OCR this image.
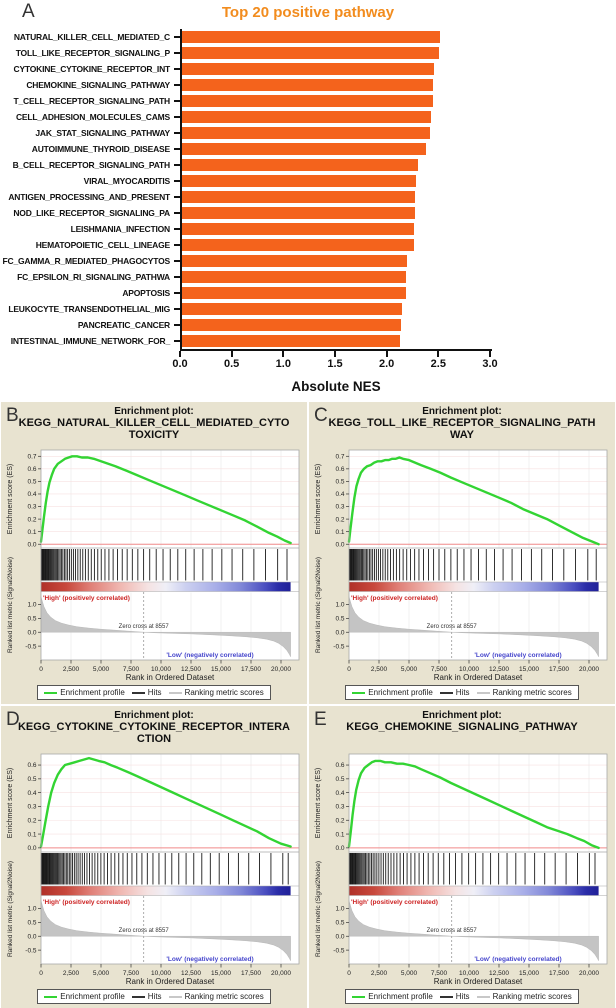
A	Top 20 positive pathway
NATURAL_KILLER_CELL_MEDIATED_C
TOLL_LIKE_RECEPTOR_SIGNALING_P
CYTOKINE_CYTOKINE_RECEPTOR_INT
CHEMOKINE_SIGNALING_PATHWAY
T_CELL_RECEPTOR_SIGNALING_PATH
CELL_ADHESION_MOLECULES_CAMS
JAK_STAT_SIGNALING_PATHWAY
AUTOIMMUNE_THYROID_DISEASE
B_CELL_RECEPTOR_SIGNALING_PATH
VIRAL_MYOCARDITIS
ANTIGEN_PROCESSING_AND_PRESENT
NOD_LIKE_RECEPTOR_SIGNALING_PA
LEISHMANIA_INFECTION
HEMATOPOIETIC_CELL_LINEAGE
FC_GAMMA_R_MEDIATED_PHAGOCYTOS
FC_EPSILON_RI_SIGNALING_PATHWA
APOPTOSIS
LEUKOCYTE_TRANSENDOTHELIAL_MIG
PANCREATIC_CANCER
INTESTINAL_IMMUNE_NETWORK_FOR_
0.0	0.5	1.0	1.5	2.0	2.5	3.0
Absolute NES
B	Enrichment plot:
KEGG_NATURAL_KILLER_CELL_MEDIATED_CYTOTOXICITY
Zero cross at 8557
'High' (positively correlated)
'Low' (negatively correlated)
0.7
0.6
0.5
0.4
0.3
0.2
0.1
0.0
1.0
0.5
0.0
-0.5
0	2,500 5,000 7,500 10,000 12,500 15,000 17,500 20,000
Rank in Ordered Dataset
Enrichment score (ES)
Ranked list metric (Signal2Noise)
Enrichment profile	Hits	Ranking metric scores
C	Enrichment plot:
KEGG_TOLL_LIKE_RECEPTOR_SIGNALING_PATHWAY
Zero cross at 8557
'High' (positively correlated)
'Low' (negatively correlated)
0.7
0.6
0.5
0.4
0.3
0.2
0.1
0.0
1.0
0.5
0.0
-0.5
0	2,500 5,000 7,500 10,000 12,500 15,000 17,500 20,000
Rank in Ordered Dataset
Enrichment score (ES)
Ranked list metric (Signal2Noise)
Enrichment profile	Hits	Ranking metric scores
D	Enrichment plot:
KEGG_CYTOKINE_CYTOKINE_RECEPTOR_INTERACTION
Zero cross at 8557
'High' (positively correlated)
'Low' (negatively correlated)
0.6
0.5
0.4
0.3
0.2
0.1
0.0
1.0
0.5
0.0
-0.5
0	2,500 5,000 7,500 10,000 12,500 15,000 17,500 20,000
Rank in Ordered Dataset
Enrichment score (ES)
Ranked list metric (Signal2Noise)
Enrichment profile	Hits	Ranking metric scores
E	Enrichment plot:
KEGG_CHEMOKINE_SIGNALING_PATHWAY
Zero cross at 8557
'High' (positively correlated)
'Low' (negatively correlated)
0.6
0.5
0.4
0.3
0.2
0.1
0.0
1.0
0.5
0.0
-0.5
0	2,500 5,000 7,500 10,000 12,500 15,000 17,500 20,000
Rank in Ordered Dataset
Enrichment score (ES)
Ranked list metric (Signal2Noise)
Enrichment profile	Hits	Ranking metric scores
